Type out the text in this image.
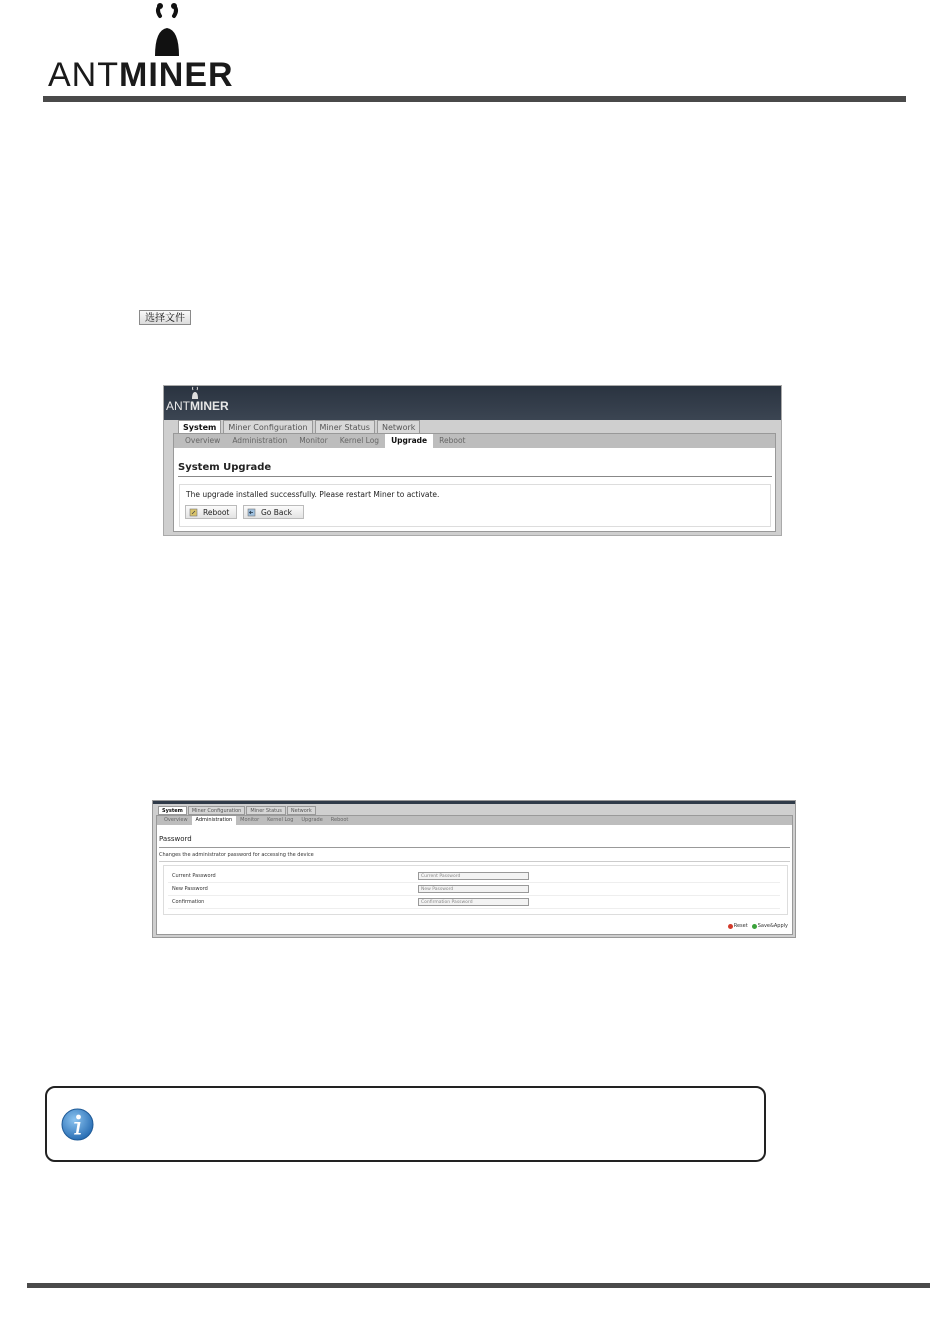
ANTMINER
选择文件
ANTMINER
System	Miner Configuration	Miner Status	Network
Overview	Administration	Monitor	Kernel Log	Upgrade	Reboot
System Upgrade
The upgrade installed successfully. Please restart Miner to activate.
Reboot	Go Back
System	Miner Configuration	Miner Status	Network
Overview	Administration	Monitor	Kernel Log	Upgrade	Reboot
Password
Changes the administrator password for accessing the device
Current Password	Current Password
New Password	New Password
Confirmation	Confirmation Password
Reset Save&Apply
